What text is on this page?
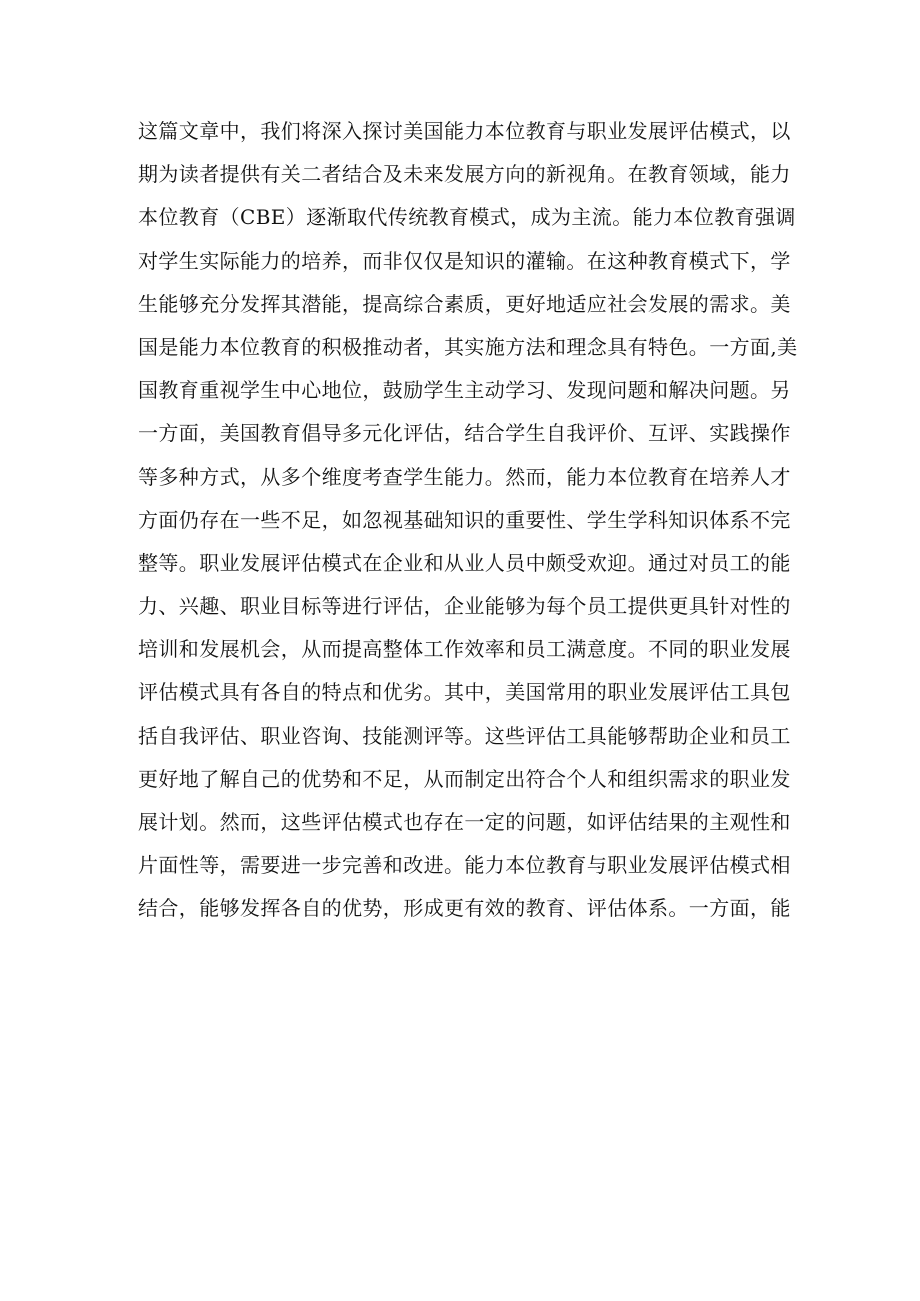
这篇文章中，我们将深入探讨美国能力本位教育与职业发展评估模式，以
期为读者提供有关二者结合及未来发展方向的新视角。在教育领域，能力
本位教育（CBE）逐渐取代传统教育模式，成为主流。能力本位教育强调
对学生实际能力的培养，而非仅仅是知识的灌输。在这种教育模式下，学
生能够充分发挥其潜能，提高综合素质，更好地适应社会发展的需求。美
国是能力本位教育的积极推动者，其实施方法和理念具有特色。一方面,美
国教育重视学生中心地位，鼓励学生主动学习、发现问题和解决问题。另
一方面，美国教育倡导多元化评估，结合学生自我评价、互评、实践操作
等多种方式，从多个维度考查学生能力。然而，能力本位教育在培养人才
方面仍存在一些不足，如忽视基础知识的重要性、学生学科知识体系不完
整等。职业发展评估模式在企业和从业人员中颇受欢迎。通过对员工的能
力、兴趣、职业目标等进行评估，企业能够为每个员工提供更具针对性的
培训和发展机会，从而提高整体工作效率和员工满意度。不同的职业发展
评估模式具有各自的特点和优劣。其中，美国常用的职业发展评估工具包
括自我评估、职业咨询、技能测评等。这些评估工具能够帮助企业和员工
更好地了解自己的优势和不足，从而制定出符合个人和组织需求的职业发
展计划。然而，这些评估模式也存在一定的问题，如评估结果的主观性和
片面性等，需要进一步完善和改进。能力本位教育与职业发展评估模式相
结合，能够发挥各自的优势，形成更有效的教育、评估体系。一方面，能
